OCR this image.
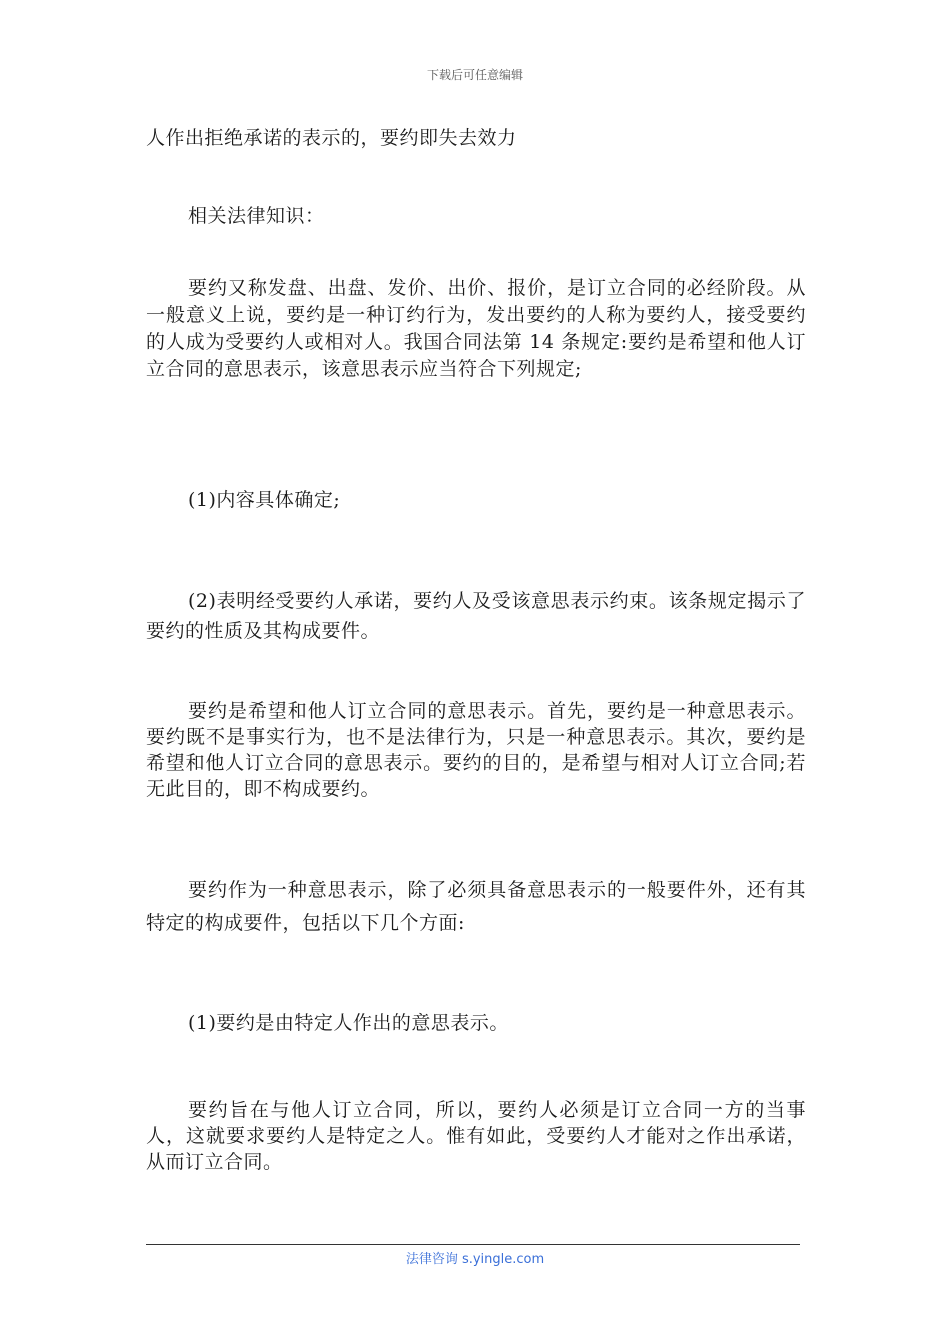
下载后可任意编辑

人作出拒绝承诺的表示的，要约即失去效力

相关法律知识：

要约又称发盘、出盘、发价、出价、报价，是订立合同的必经阶段。从一般意义上说，要约是一种订约行为，发出要约的人称为要约人，接受要约的人成为受要约人或相对人。我国合同法第 14 条规定:要约是希望和他人订立合同的意思表示，该意思表示应当符合下列规定;

(1)内容具体确定;

(2)表明经受要约人承诺，要约人及受该意思表示约束。该条规定揭示了要约的性质及其构成要件。

要约是希望和他人订立合同的意思表示。首先，要约是一种意思表示。要约既不是事实行为，也不是法律行为，只是一种意思表示。其次，要约是希望和他人订立合同的意思表示。要约的目的，是希望与相对人订立合同;若无此目的，即不构成要约。

要约作为一种意思表示，除了必须具备意思表示的一般要件外，还有其特定的构成要件，包括以下几个方面:

(1)要约是由特定人作出的意思表示。

要约旨在与他人订立合同，所以，要约人必须是订立合同一方的当事人，这就要求要约人是特定之人。惟有如此，受要约人才能对之作出承诺，从而订立合同。

法律咨询 s.yingle.com
